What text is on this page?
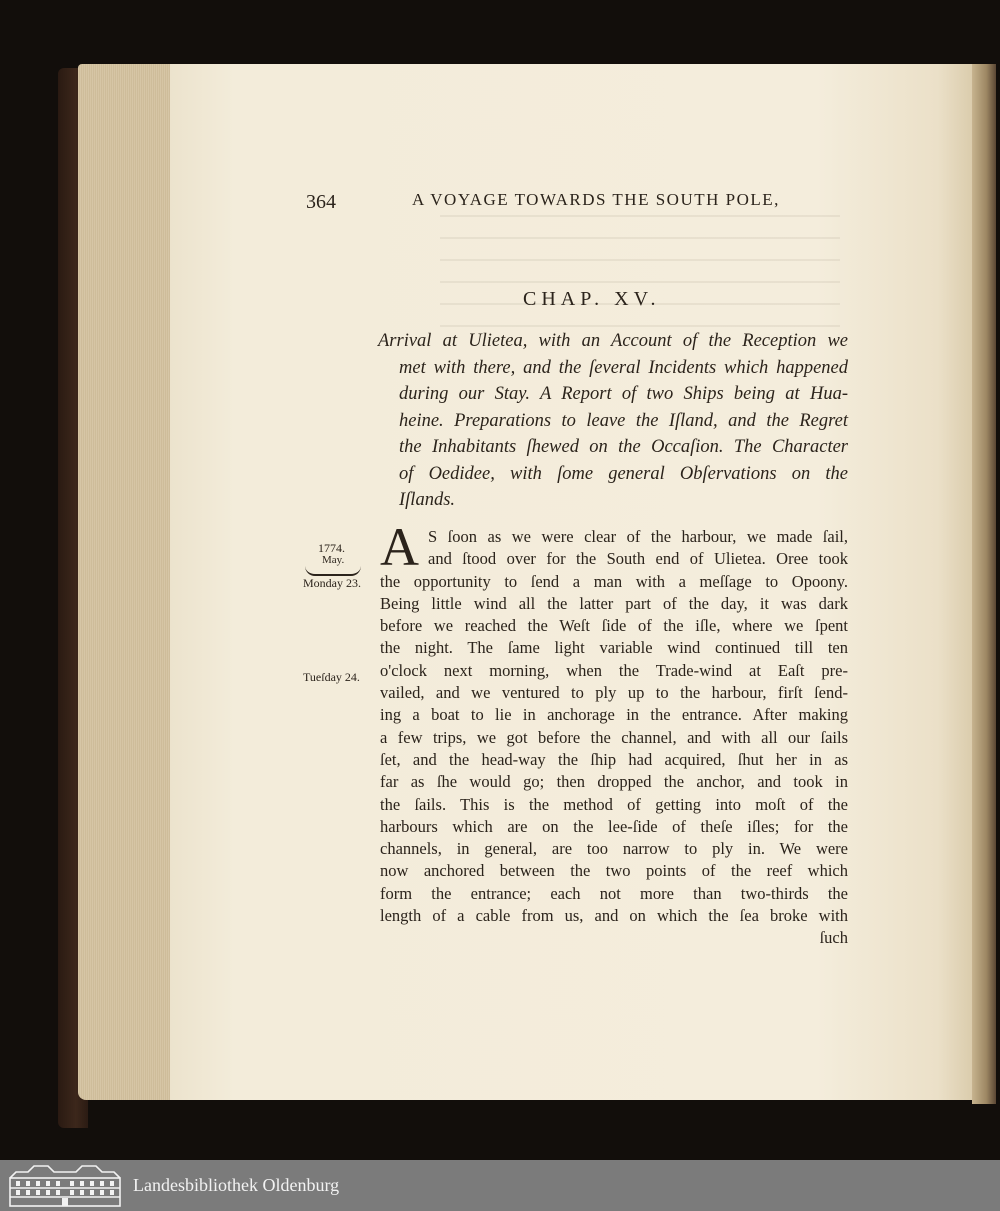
364	A VOYAGE TOWARDS THE SOUTH POLE,
CHAP. XV.
Arrival at Ulietea, with an Account of the Reception we
met with there, and the ſeveral Incidents which happened
during our Stay. A Report of two Ships being at Hua-
heine. Preparations to leave the Iſland, and the Regret
the Inhabitants ſhewed on the Occaſion. The Character
of Oedidee, with ſome general Obſervations on the
Iſlands.
1774.
May.
Monday 23.
Tueſday 24.
A S ſoon as we were clear of the harbour, we made ſail,
and ſtood over for the South end of Ulietea. Oree took
the opportunity to ſend a man with a meſſage to Opoony.
Being little wind all the latter part of the day, it was dark
before we reached the Weſt ſide of the iſle, where we ſpent
the night. The ſame light variable wind continued till ten
o'clock next morning, when the Trade-wind at Eaſt pre-
vailed, and we ventured to ply up to the harbour, firſt ſend-
ing a boat to lie in anchorage in the entrance. After making
a few trips, we got before the channel, and with all our ſails
ſet, and the head-way the ſhip had acquired, ſhut her in as
far as ſhe would go; then dropped the anchor, and took in
the ſails. This is the method of getting into moſt of the
harbours which are on the lee-ſide of theſe iſles; for the
channels, in general, are too narrow to ply in. We were
now anchored between the two points of the reef which
form the entrance; each not more than two-thirds the
length of a cable from us, and on which the ſea broke with
ſuch
Landesbibliothek Oldenburg
